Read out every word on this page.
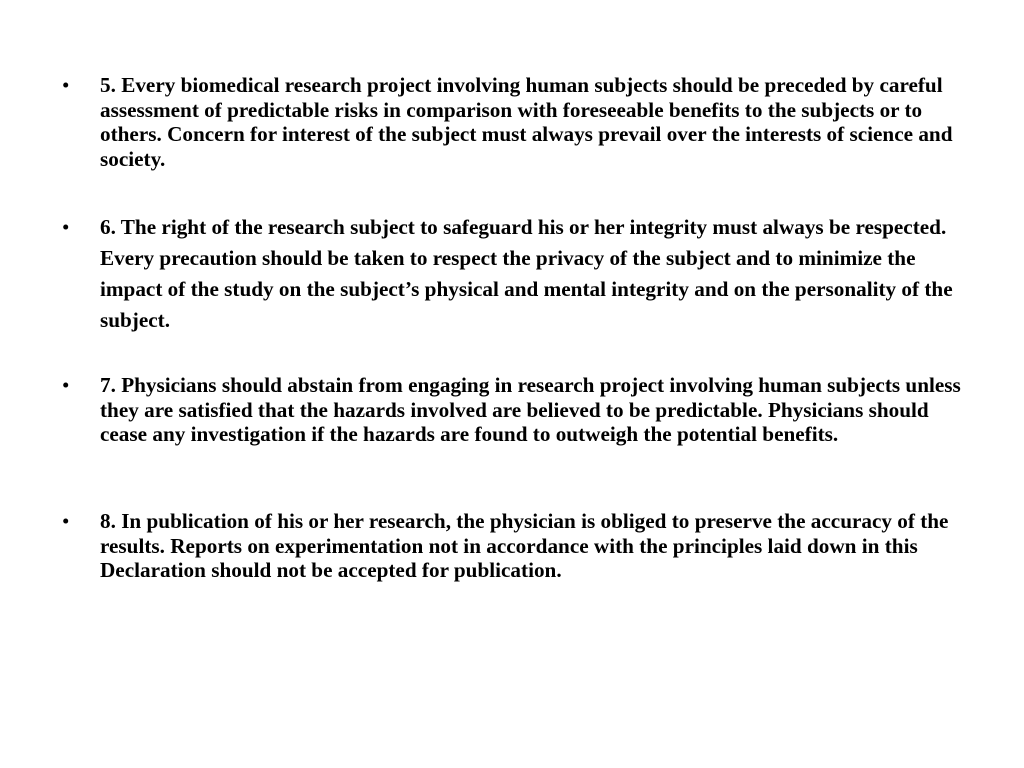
• 5. Every biomedical research project involving human subjects should be preceded by careful assessment of predictable risks in comparison with foreseeable benefits to the subjects or to others. Concern for interest of the subject must always prevail over the interests of science and society.
• 6. The right of the research subject to safeguard his or her integrity must always be respected. Every precaution should be taken to respect the privacy of the subject and to minimize the impact of the study on the subject’s physical and mental integrity and on the personality of the subject.
• 7. Physicians should abstain from engaging in research project involving human subjects unless they are satisfied that the hazards involved are believed to be predictable. Physicians should cease any investigation if the hazards are found to outweigh the potential benefits.
• 8. In publication of his or her research, the physician is obliged to preserve the accuracy of the results. Reports on experimentation not in accordance with the principles laid down in this Declaration should not be accepted for publication.
